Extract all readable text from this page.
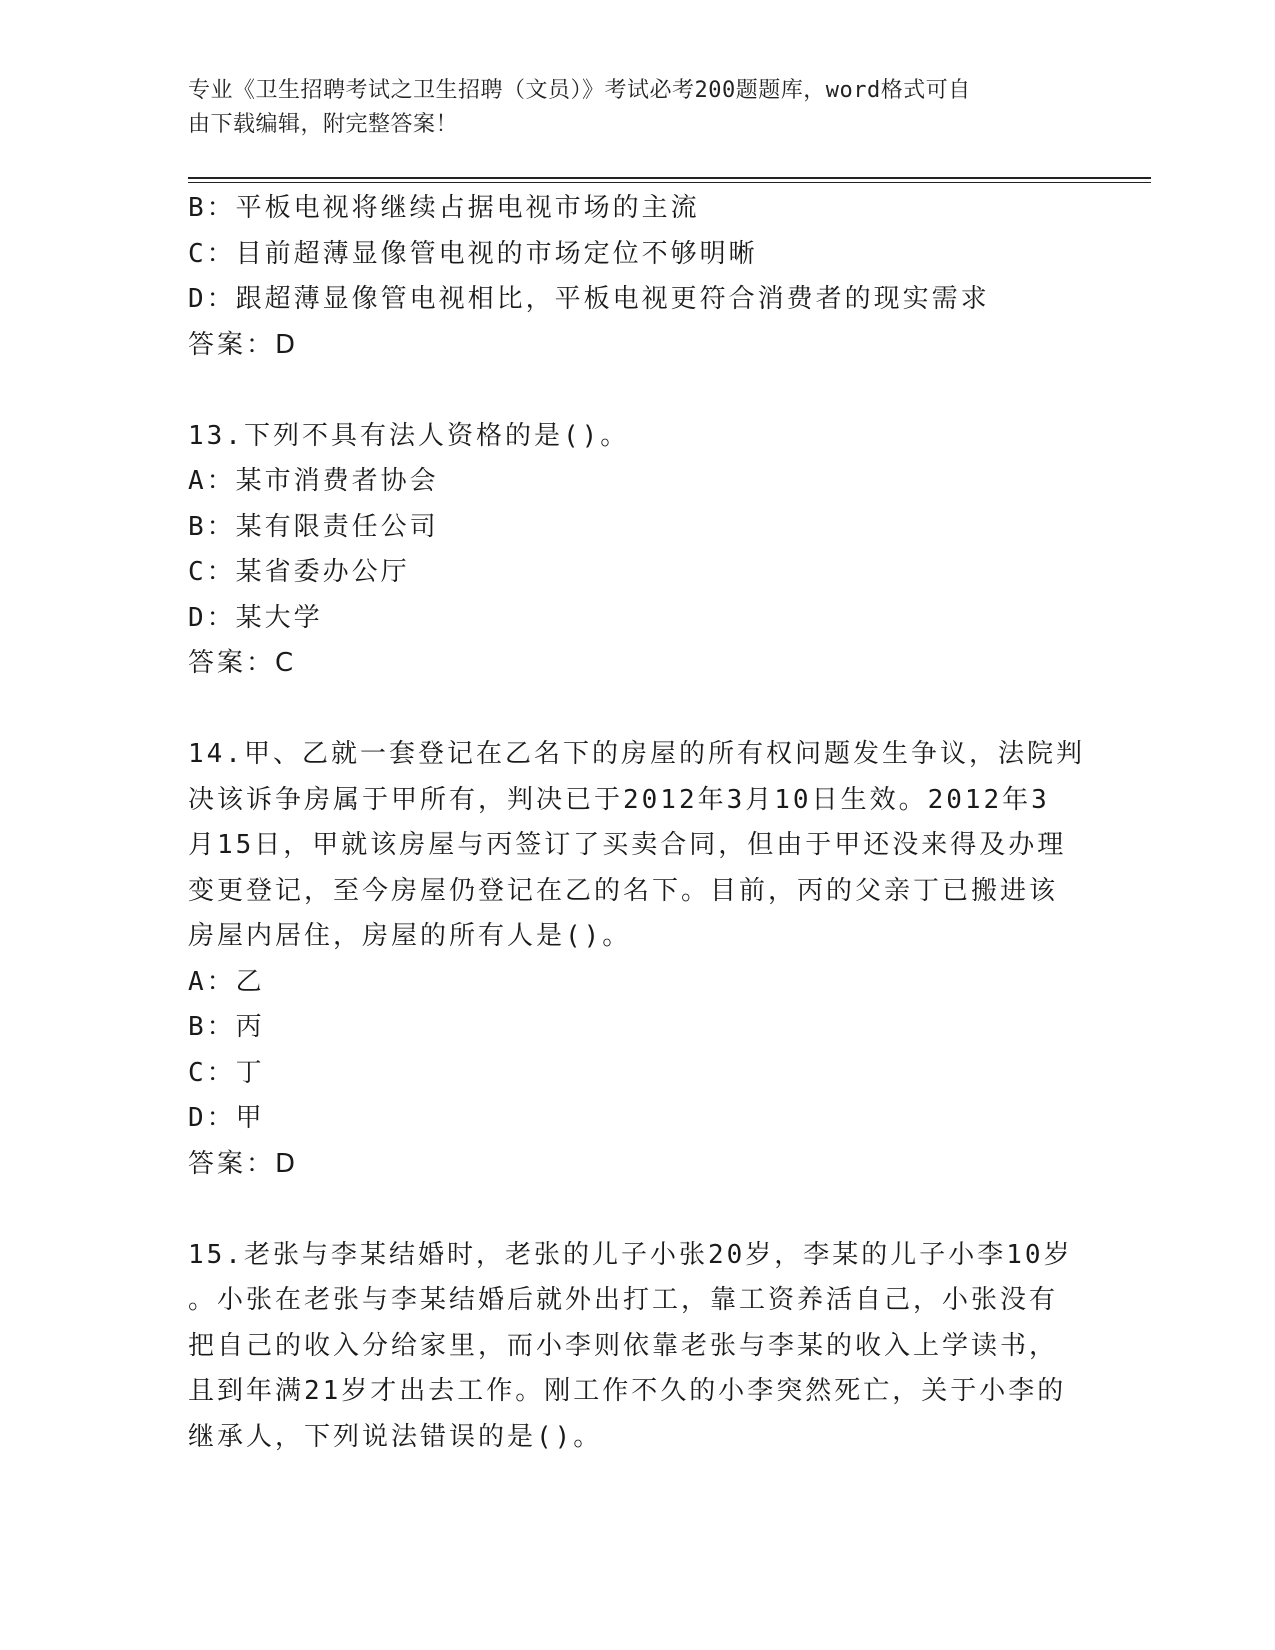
专业《卫生招聘考试之卫生招聘（文员）》考试必考200题题库，word格式可自
由下载编辑，附完整答案！
B：平板电视将继续占据电视市场的主流
C：目前超薄显像管电视的市场定位不够明晰
D：跟超薄显像管电视相比，平板电视更符合消费者的现实需求
答案：D
13.下列不具有法人资格的是()。
A：某市消费者协会
B：某有限责任公司
C：某省委办公厅
D：某大学
答案：C
14.甲、乙就一套登记在乙名下的房屋的所有权问题发生争议，法院判
决该诉争房属于甲所有，判决已于2012年3月10日生效。2012年3
月15日，甲就该房屋与丙签订了买卖合同，但由于甲还没来得及办理
变更登记，至今房屋仍登记在乙的名下。目前，丙的父亲丁已搬进该
房屋内居住，房屋的所有人是()。
A：乙
B：丙
C：丁
D：甲
答案：D
15.老张与李某结婚时，老张的儿子小张20岁，李某的儿子小李10岁
。小张在老张与李某结婚后就外出打工，靠工资养活自己，小张没有
把自己的收入分给家里，而小李则依靠老张与李某的收入上学读书，
且到年满21岁才出去工作。刚工作不久的小李突然死亡，关于小李的
继承人，下列说法错误的是()。
